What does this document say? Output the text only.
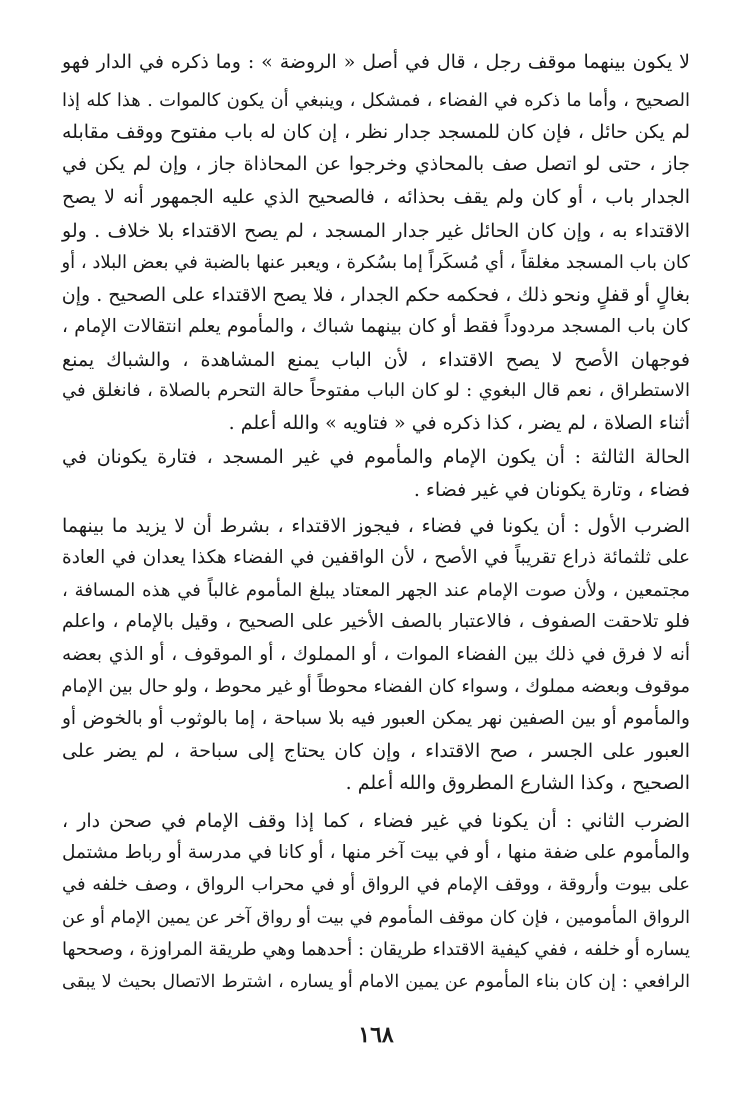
لا يكون بينهما موقف رجل ، قال في أصل « الروضة » : وما ذكره في الدار فهو
الصحيح ، وأما ما ذكره في الفضاء ، فمشكل ، وينبغي أن يكون كالموات . هذا كله إذا
لم يكن حائل ، فإن كان للمسجد جدار نظر ، إن كان له باب مفتوح ووقف مقابله
جاز ، حتى لو اتصل صف بالمحاذي وخرجوا عن المحاذاة جاز ، وإن لم يكن في
الجدار باب ، أو كان ولم يقف بحذائه ، فالصحيح الذي عليه الجمهور أنه لا يصح
الاقتداء به ، وإن كان الحائل غير جدار المسجد ، لم يصح الاقتداء بلا خلاف . ولو
كان باب المسجد مغلقاً ، أي مُسكَراً إما بسُكرة ، ويعبر عنها بالضبة في بعض البلاد ، أو
بغالٍ أو قفلٍ ونحو ذلك ، فحكمه حكم الجدار ، فلا يصح الاقتداء على الصحيح . وإن
كان باب المسجد مردوداً فقط أو كان بينهما شباك ، والمأموم يعلم انتقالات الإمام ،
فوجهان الأصح لا يصح الاقتداء ، لأن الباب يمنع المشاهدة ، والشباك يمنع
الاستطراق ، نعم قال البغوي : لو كان الباب مفتوحاً حالة التحرم بالصلاة ، فانغلق في
أثناء الصلاة ، لم يضر ، كذا ذكره في « فتاويه » والله أعلم .
الحالة الثالثة : أن يكون الإمام والمأموم في غير المسجد ، فتارة يكونان في
فضاء ، وتارة يكونان في غير فضاء .
الضرب الأول : أن يكونا في فضاء ، فيجوز الاقتداء ، بشرط أن لا يزيد ما بينهما
على ثلثمائة ذراع تقريباً في الأصح ، لأن الواقفين في الفضاء هكذا يعدان في العادة
مجتمعين ، ولأن صوت الإمام عند الجهر المعتاد يبلغ المأموم غالباً في هذه المسافة ،
فلو تلاحقت الصفوف ، فالاعتبار بالصف الأخير على الصحيح ، وقيل بالإمام ، واعلم
أنه لا فرق في ذلك بين الفضاء الموات ، أو المملوك ، أو الموقوف ، أو الذي بعضه
موقوف وبعضه مملوك ، وسواء كان الفضاء محوطاً أو غير محوط ، ولو حال بين الإمام
والمأموم أو بين الصفين نهر يمكن العبور فيه بلا سباحة ، إما بالوثوب أو بالخوض أو
العبور على الجسر ، صح الاقتداء ، وإن كان يحتاج إلى سباحة ، لم يضر على
الصحيح ، وكذا الشارع المطروق والله أعلم .
الضرب الثاني : أن يكونا في غير فضاء ، كما إذا وقف الإمام في صحن دار ،
والمأموم على ضفة منها ، أو في بيت آخر منها ، أو كانا في مدرسة أو رباط مشتمل
على بيوت وأروقة ، ووقف الإمام في الرواق أو في محراب الرواق ، وصف خلفه في
الرواق المأمومين ، فإن كان موقف المأموم في بيت أو رواق آخر عن يمين الإمام أو عن
يساره أو خلفه ، ففي كيفية الاقتداء طريقان : أحدهما وهي طريقة المراوزة ، وصححها
الرافعي : إن كان بناء المأموم عن يمين الامام أو يساره ، اشترط الاتصال بحيث لا يبقى
١٦٨
